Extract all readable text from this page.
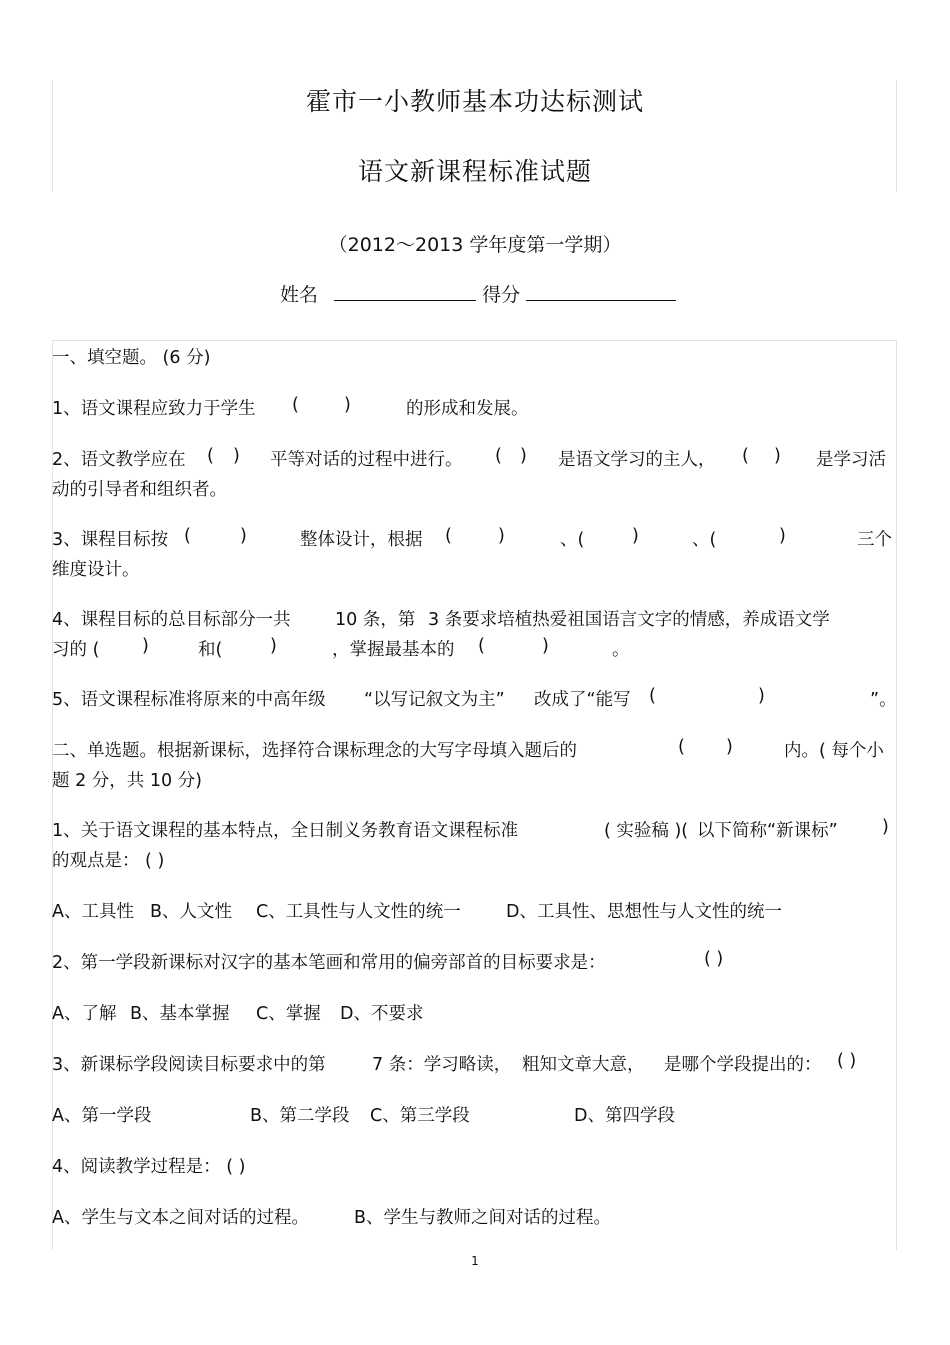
霍市一小教师基本功达标测试
语文新课程标准试题
（2012～2013 学年度第一学期）
姓名	得分
一、填空题。 (6 分)
1、语文课程应致力于学生 (	)	的形成和发展。
2、语文教学应在 ( ) 平等对话的过程中进行。 ( ) 是语文学习的主人， ( ) 是学习活
动的引导者和组织者。
3、课程目标按 (	)	整体设计，根据 (	)	、(	)	、(	)	三个
维度设计。
4、课程目标的总目标部分一共	10 条，第 3 条要求培植热爱祖国语言文字的情感，养成语文学
习的 ( )	和(	)	，掌握最基本的 (	)	。
5、语文课程标准将原来的中高年级 “以写记叙文为主” 改成了“能写 (	)	”。
二、单选题。根据新课标，选择符合课标理念的大写字母填入题后的	( )	内。( 每个小
题 2 分，共 10 分)
1、关于语文课程的基本特点，全日制义务教育语文课程标准	( 实验稿 )( 以下简称“新课标”	)
的观点是： ( )
A、工具性 B、人文性 C、工具性与人文性的统一	D、工具性、思想性与人文性的统一
2、第一学段新课标对汉字的基本笔画和常用的偏旁部首的目标要求是：	( )
A、了解 B、基本掌握 C、掌握 D、不要求
3、新课标学段阅读目标要求中的第	7 条：学习略读， 粗知文章大意， 是哪个学段提出的： ( )
A、第一学段	B、第二学段 C、第三学段	D、第四学段
4、阅读教学过程是： ( )
A、学生与文本之间对话的过程。	B、学生与教师之间对话的过程。
1
